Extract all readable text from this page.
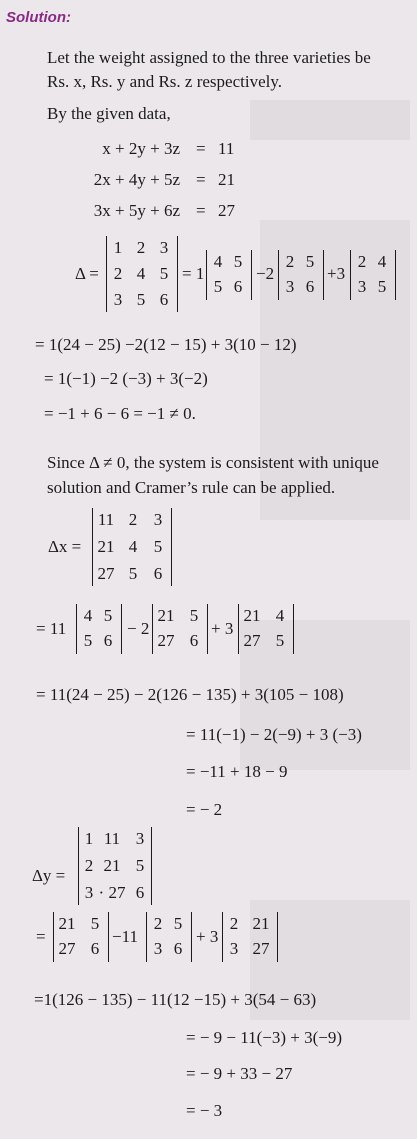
Solution:
Let the weight assigned to the three varieties be
Rs. x, Rs. y and Rs. z respectively.
By the given data,
x + 2y + 3z = 11
2x + 4y + 5z = 21
3x + 5y + 6z = 27
Δ =
1 2 3
2 4 5
3 5 6
= 1
4 5
5 6
−2
2 5
3 6
+3
2 4
3 5
= 1(24 − 25) −2(12 − 15) + 3(10 − 12)
= 1(−1) −2 (−3) + 3(−2)
= −1 + 6 − 6 = −1 ≠ 0.
Since Δ ≠ 0, the system is consistent with unique
solution and Cramer’s rule can be applied.
Δx =
11 2 3
21 4 5
27 5 6
= 11
4 5
5 6
− 2
21 5
27 6
+ 3
21 4
27 5
= 11(24 − 25) − 2(126 − 135) + 3(105 − 108)
= 11(−1) − 2(−9) + 3 (−3)
= −11 + 18 − 9
= − 2
Δy =
1 11 3
2 21 5
3 · 27 6
=
21 5
27 6
−11
2 5
3 6
+ 3
2 21
3 27
=1(126 − 135) − 11(12 −15) + 3(54 − 63)
= − 9 − 11(−3) + 3(−9)
= − 9 + 33 − 27
= − 3
